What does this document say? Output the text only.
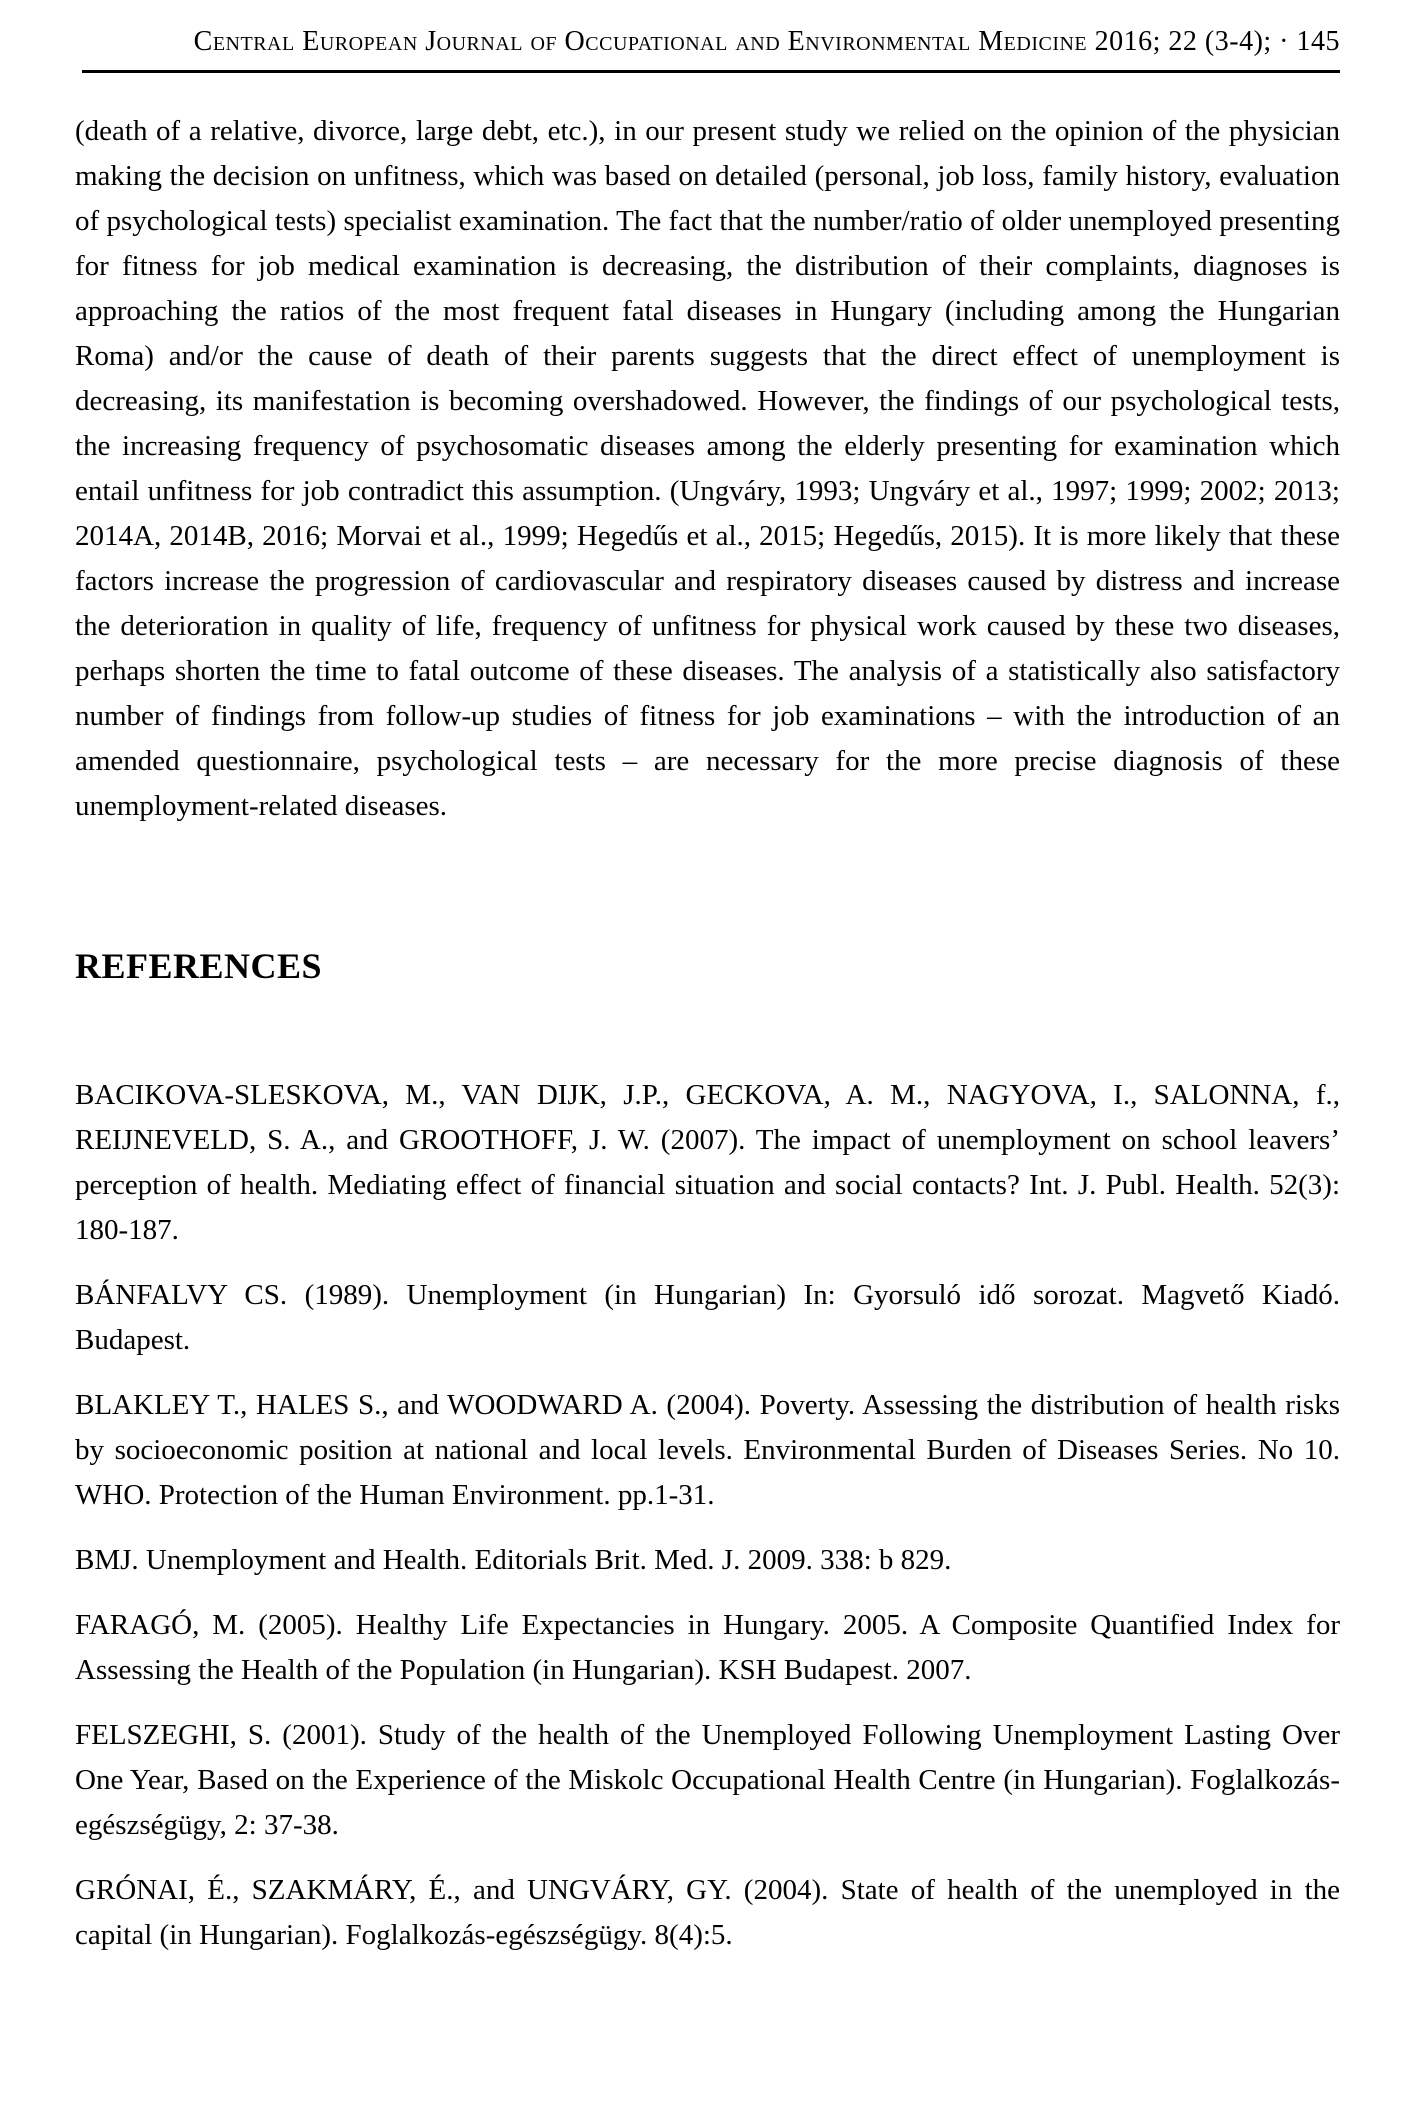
Central European Journal of Occupational and Environmental Medicine 2016; 22 (3-4); · 145

(death of a relative, divorce, large debt, etc.), in our present study we relied on the opinion of the physician making the decision on unfitness, which was based on detailed (personal, job loss, family history, evaluation of psychological tests) specialist examination. The fact that the number/ratio of older unemployed presenting for fitness for job medical examination is decreasing, the distribution of their complaints, diagnoses is approaching the ratios of the most frequent fatal diseases in Hungary (including among the Hungarian Roma) and/or the cause of death of their parents suggests that the direct effect of unemployment is decreasing, its manifestation is becoming overshadowed. However, the findings of our psychological tests, the increasing frequency of psychosomatic diseases among the elderly presenting for examination which entail unfitness for job contradict this assumption. (Ungváry, 1993; Ungváry et al., 1997; 1999; 2002; 2013; 2014A, 2014B, 2016; Morvai et al., 1999; Hegedűs et al., 2015; Hegedűs, 2015). It is more likely that these factors increase the progression of cardiovascular and respiratory diseases caused by distress and increase the deterioration in quality of life, frequency of unfitness for physical work caused by these two diseases, perhaps shorten the time to fatal outcome of these diseases. The analysis of a statistically also satisfactory number of findings from follow-up studies of fitness for job examinations – with the introduction of an amended questionnaire, psychological tests – are necessary for the more precise diagnosis of these unemployment-related diseases.

REFERENCES

BACIKOVA-SLESKOVA, M., VAN DIJK, J.P., GECKOVA, A. M., NAGYOVA, I., SALONNA, f., REIJNEVELD, S. A., and GROOTHOFF, J. W. (2007). The impact of unemployment on school leavers’ perception of health. Mediating effect of financial situation and social contacts? Int. J. Publ. Health. 52(3): 180-187.

BÁNFALVY CS. (1989). Unemployment (in Hungarian) In: Gyorsuló idő sorozat. Magvető Kiadó. Budapest.

BLAKLEY T., HALES S., and WOODWARD A. (2004). Poverty. Assessing the distribution of health risks by socioeconomic position at national and local levels. Environmental Burden of Diseases Series. No 10. WHO. Protection of the Human Environment. pp.1-31.

BMJ. Unemployment and Health. Editorials Brit. Med. J. 2009. 338: b 829.

FARAGÓ, M. (2005). Healthy Life Expectancies in Hungary. 2005. A Composite Quantified Index for Assessing the Health of the Population (in Hungarian). KSH Budapest. 2007.

FELSZEGHI, S. (2001). Study of the health of the Unemployed Following Unemployment Lasting Over One Year, Based on the Experience of the Miskolc Occupational Health Centre (in Hungarian). Foglalkozás-egészségügy, 2: 37-38.

GRÓNAI, É., SZAKMÁRY, É., and UNGVÁRY, GY. (2004). State of health of the unemployed in the capital (in Hungarian). Foglalkozás-egészségügy. 8(4):5.
